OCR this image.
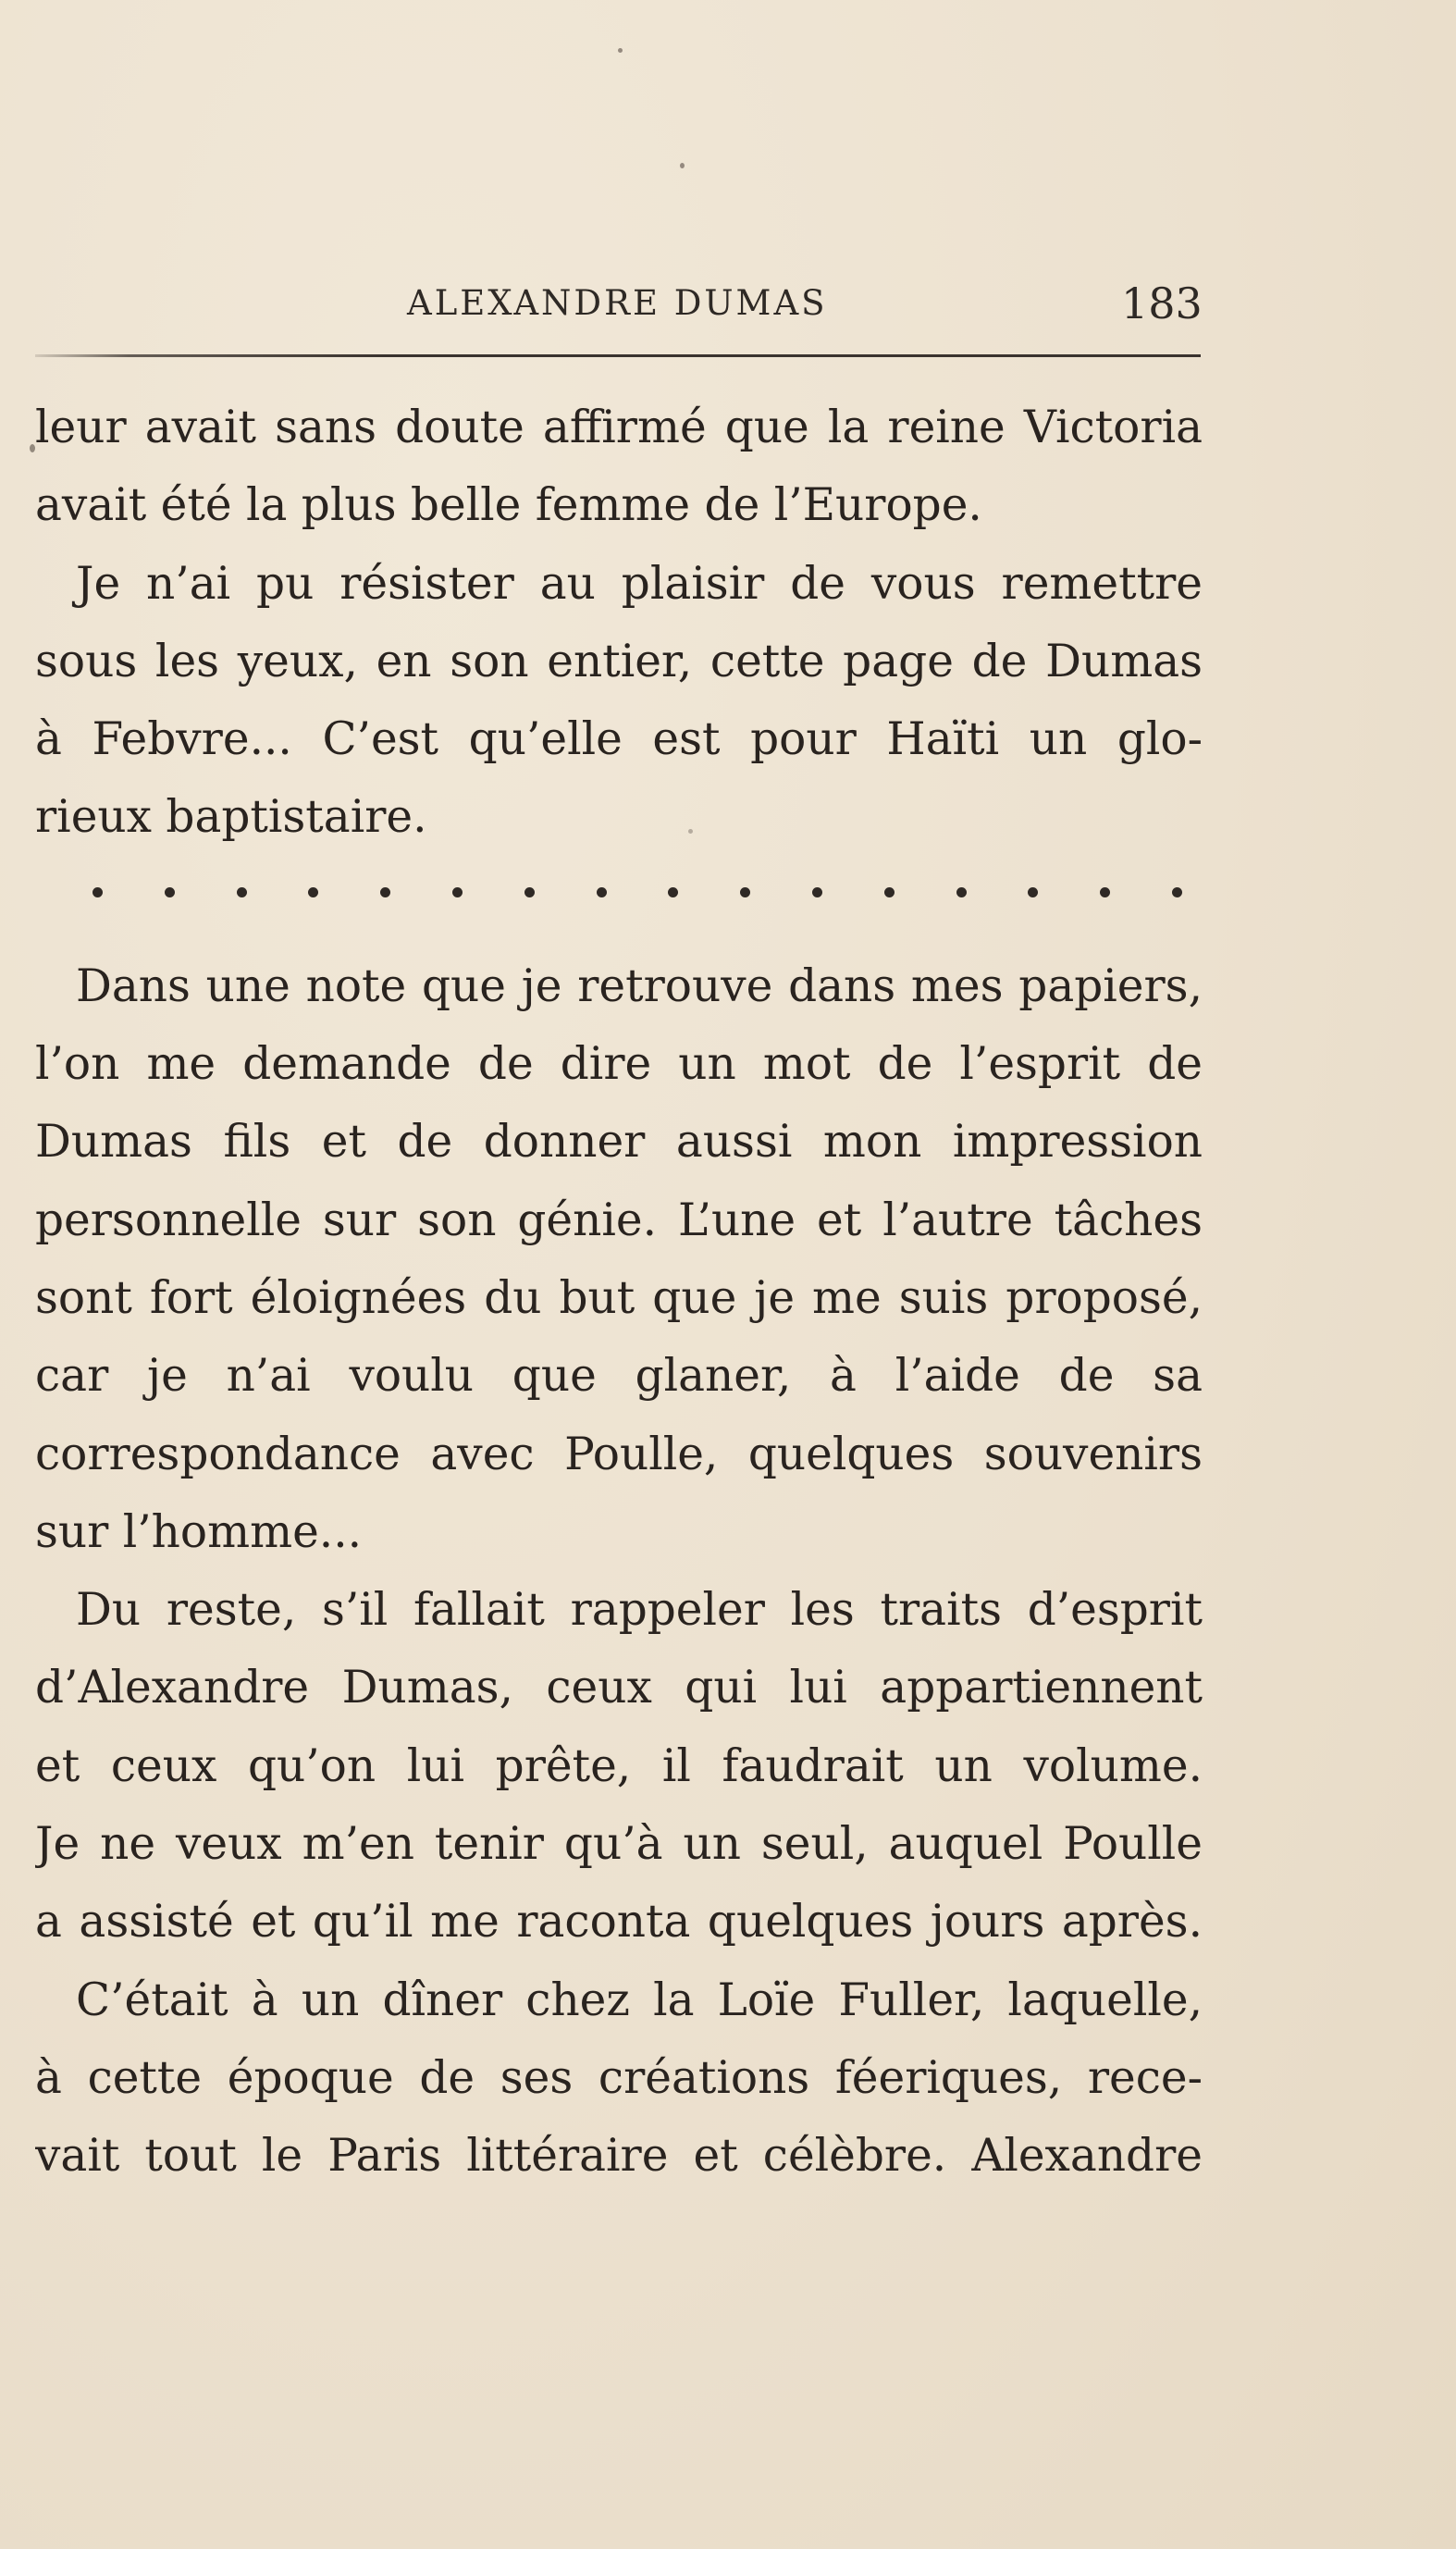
ALEXANDRE DUMAS	183
leur avait sans doute affirmé que la reine Victoria
avait été la plus belle femme de l’Europe.
Je n’ai pu résister au plaisir de vous remettre
sous les yeux, en son entier, cette page de Dumas
à Febvre... C’est qu’elle est pour Haïti un glo-
rieux baptistaire.
Dans une note que je retrouve dans mes papiers,
l’on me demande de dire un mot de l’esprit de
Dumas fils et de donner aussi mon impression
personnelle sur son génie. L’une et l’autre tâches
sont fort éloignées du but que je me suis proposé,
car je n’ai voulu que glaner, à l’aide de sa
correspondance avec Poulle, quelques souvenirs
sur l’homme...
Du reste, s’il fallait rappeler les traits d’esprit
d’Alexandre Dumas, ceux qui lui appartiennent
et ceux qu’on lui prête, il faudrait un volume.
Je ne veux m’en tenir qu’à un seul, auquel Poulle
a assisté et qu’il me raconta quelques jours après.
C’était à un dîner chez la Loïe Fuller, laquelle,
à cette époque de ses créations féeriques, rece-
vait tout le Paris littéraire et célèbre. Alexandre
